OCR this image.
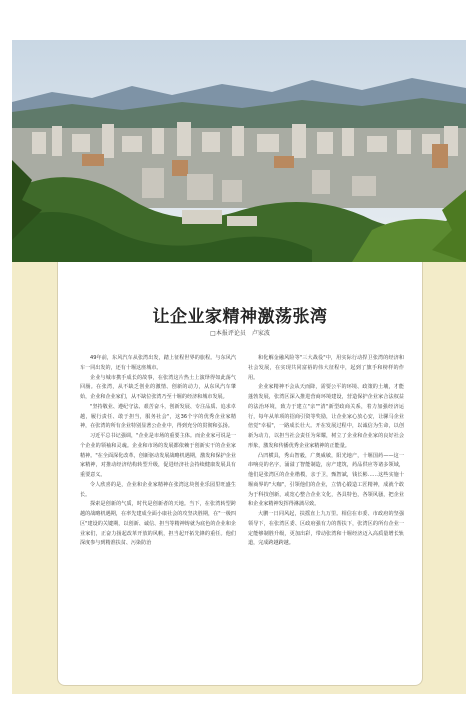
让企业家精神激荡张湾

□本报评论员　卢家波

49年前，东风汽车从张湾出发，踏上征程世界的旅程。与东风汽车一同出发的，还有十堰这座城市。

企业与城市携手成长的故事，在张湾这片热土上演绎得如此荡气回肠。在张湾，从不缺乏创业的激情、创新的动力，从东风汽车肇始，企业和企业家们，从不缺位张湾乃至十堰的经济和城市发展。

"坚持敬业、遵纪守法、艰苦奋斗，创新发展、专注品质、追求卓越，履行责任、敢于担当，服务社会"，这36个字的优秀企业家精神，在张湾的所有企业特别显著公企业中，得到充分的贯彻和弘扬。

习近平总书记强调，"企业是市场的重要主体。而企业家可说是一个企业的领袖和灵魂。企业和市场的发展都依赖于创新实干的企业家精神。"在全面深化改革，创新驱动发展战略机遇期，激发和保护企业家精神，对推动经济结构转型升级，促进经济社会持续健康发展具有重要意义。

令人欣喜的是，企业和企业家精神在张湾这块创业乐园里旺盛生长。

探索是创新的气质，时代是创新者的天地。当下，在张湾转型跨越的战略机遇期，在率先建成全面小康社会的攻坚决胜期，在"一极四区"建设的关键期，以创新、诚信、担当等精神铸就为底色的企业和企业家们，正奋力扬起改革开放的风帆，担当起开拓先锋的重任。他们深度参与到精准扶贫、污染防治

和化解金融风险等"三大战役"中，用实际行动捍卫张湾的经济和社会发展，在实现共同富裕的伟大征程中，起到了旗手和榜样的作用。

企业家精神不会从天而降，需要公平的环境、政策的土壤，才能蓬勃发展，张湾区深入推进营商环境建设，营造保护企业家合法权益的法治环境，致力于建立"亲""清"新型政商关系，着力加强经济运行，每年从单项的招商引资等奖励，让企业家心放心安，让骡马企业倍觉"幸福"，一路成长壮大。开在发展过程中，以诚信为生命，以创新为动力，以担当社会责任为荣耀，树立了企业和企业家的良好社会形象，激发和传播优秀企业家精神的正能量。

凸凹横具，秀山智毅，广奥威敏，阳光地产，十堰国药——这一串响亮的名字，涌溢了智能制造，房产建筑，药品供应等诸多领域，他们是张湾区的企业楷模，亲于卫，甄智斌，钱长彬……这些实施十堰商界的"大咖"，引领他们的企业，立情心锻造工匠精神，成就个敢为于科技创新，或宽心整合企业文化，各具特色，各领风骚，把企业和企业家精神发挥得淋漓尽致。

大鹏一日同风起，扶摇直上九万里。相信在市委、市政府的坚强领导下，在张湾区委、区政府强有力的帮扶下，张湾区的所有企业一定能够制胜升级，更加出彩，带动张湾和十堰经济迈入高质量增长轨道，完成跨越跨越。
